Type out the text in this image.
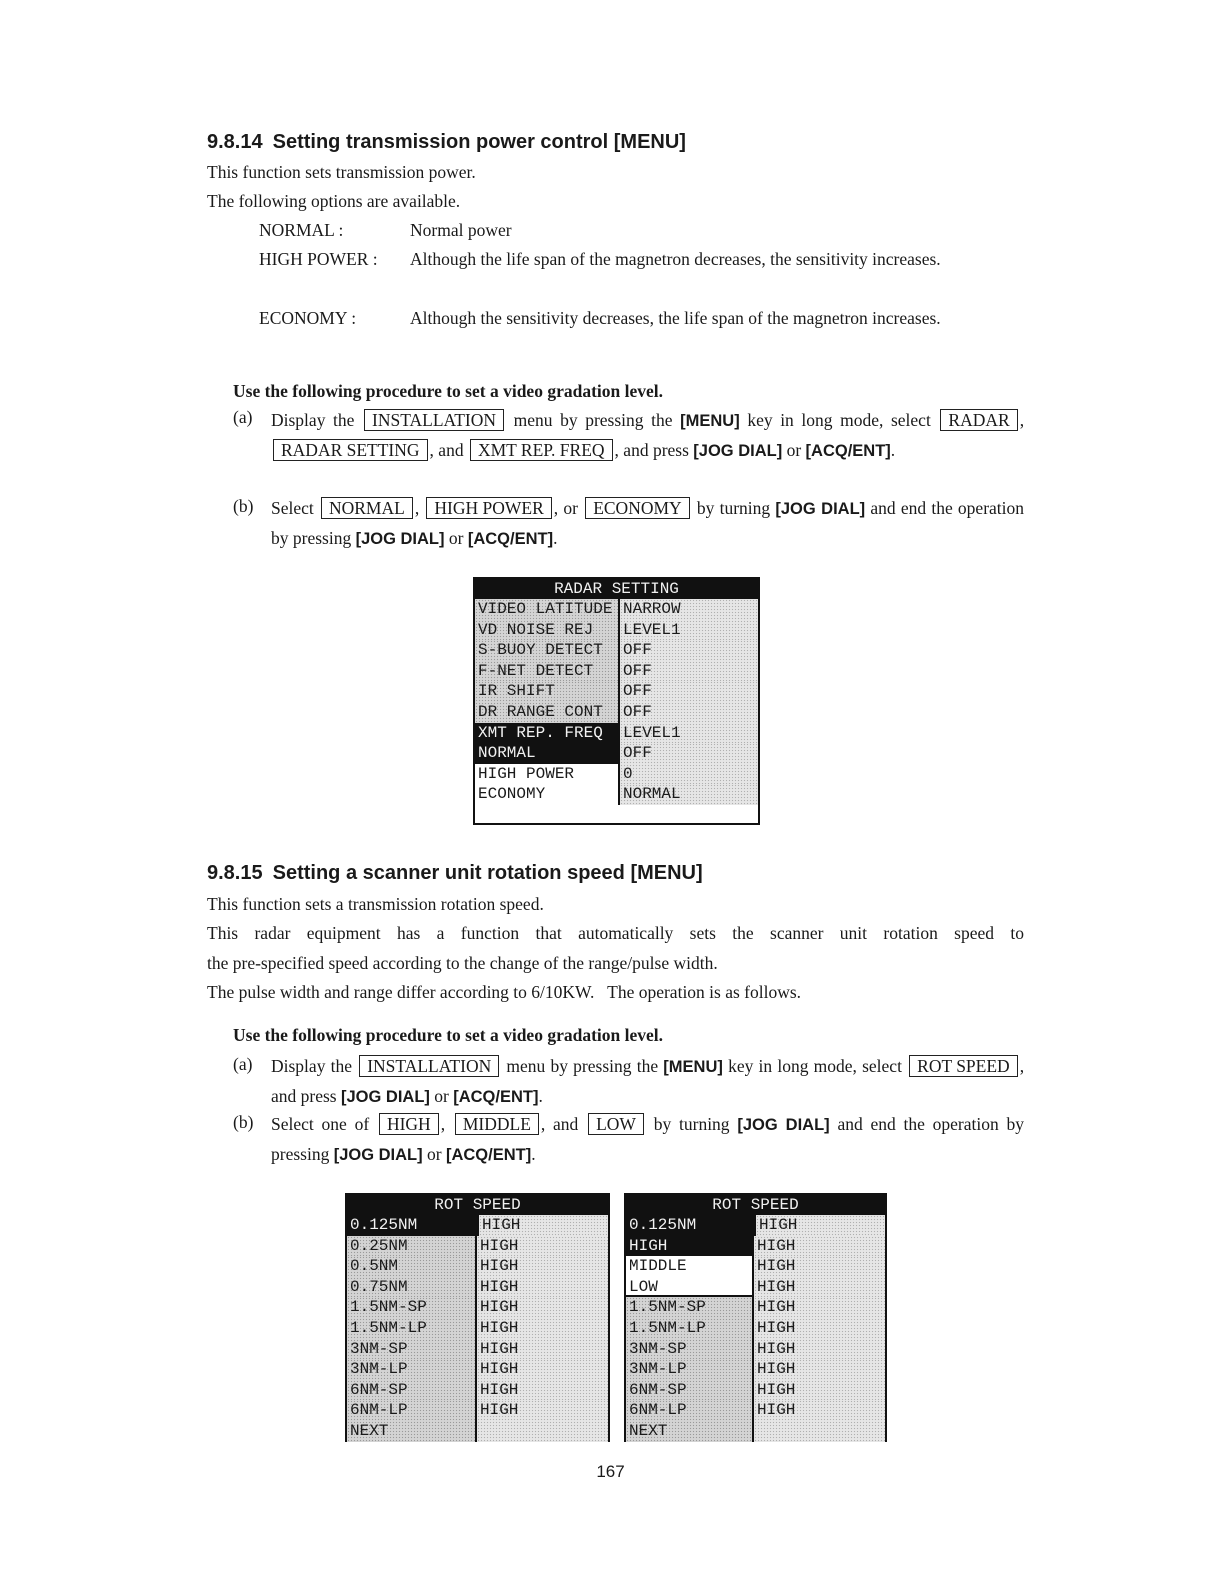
9.8.14 Setting transmission power control [MENU]
This function sets transmission power.
The following options are available.
NORMAL :	Normal power
HIGH POWER : Although the life span of the magnetron decreases, the sensitivity increases.
ECONOMY :	Although the sensitivity decreases, the life span of the magnetron increases.
Use the following procedure to set a video gradation level.
(a) Display the INSTALLATION menu by pressing the [MENU] key in long mode, select RADAR , RADAR SETTING , and XMT REP. FREQ , and press [JOG DIAL] or [ACQ/ENT].
(b) Select NORMAL , HIGH POWER , or ECONOMY by turning [JOG DIAL] and end the operation by pressing [JOG DIAL] or [ACQ/ENT].
RADAR SETTING
VIDEO LATITUDE NARROW
VD NOISE REJ	LEVEL1
S-BUOY DETECT	OFF
F-NET DETECT	OFF
IR SHIFT	OFF
DR RANGE CONT	OFF
XMT REP. FREQ	LEVEL1
NORMAL	OFF
HIGH POWER	0
ECONOMY	NORMAL
9.8.15 Setting a scanner unit rotation speed [MENU]
This function sets a transmission rotation speed.
This radar equipment has a function that automatically sets the scanner unit rotation speed to
the pre-specified speed according to the change of the range/pulse width.
The pulse width and range differ according to 6/10KW.   The operation is as follows.
Use the following procedure to set a video gradation level.
(a) Display the INSTALLATION menu by pressing the [MENU] key in long mode, select ROT SPEED , and press [JOG DIAL] or [ACQ/ENT].
(b) Select one of HIGH , MIDDLE , and LOW by turning [JOG DIAL] and end the operation by pressing [JOG DIAL] or [ACQ/ENT].
ROT SPEED
0.125NM	HIGH
0.25NM	HIGH
0.5NM	HIGH
0.75NM	HIGH
1.5NM-SP	HIGH
1.5NM-LP	HIGH
3NM-SP	HIGH
3NM-LP	HIGH
6NM-SP	HIGH
6NM-LP	HIGH
NEXT
ROT SPEED
0.125NM	HIGH
HIGH	HIGH
MIDDLE	HIGH
LOW	HIGH
1.5NM-SP	HIGH
1.5NM-LP	HIGH
3NM-SP	HIGH
3NM-LP	HIGH
6NM-SP	HIGH
6NM-LP	HIGH
NEXT
167
